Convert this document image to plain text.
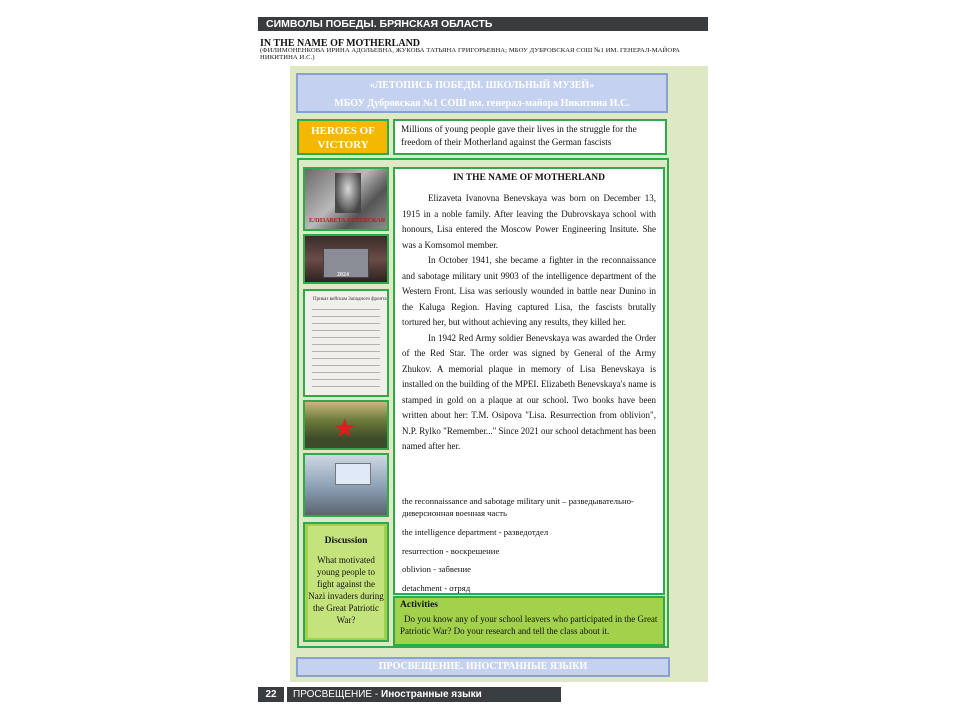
СИМВОЛЫ ПОБЕДЫ. БРЯНСКАЯ ОБЛАСТЬ
IN THE NAME OF MOTHERLAND
(ФИЛИМОНЕНКОВА ИРИНА АДОЛЬЕВНА, ЖУКОВА ТАТЬЯНА ГРИГОРЬЕВНА; МБОУ ДУБРОВСКАЯ СОШ №1 ИМ. ГЕНЕРАЛ-МАЙОРА НИКИТИНА И.С.)
«ЛЕТОПИСЬ ПОБЕДЫ. ШКОЛЬНЫЙ МУЗЕЙ»
МБОУ Дубровская №1 СОШ им. генерал-майора Никитина И.С.
HEROES OF VICTORY
Millions of young people gave their lives in the struggle for the freedom of their Motherland against the German fascists
ЕЛИЗАВЕТА БЕНЕВСКАЯ
2024
Приказ войскам Западного фронта
★
Discussion
What motivated young people to fight against the Nazi invaders during the Great Patriotic War?
IN THE NAME OF MOTHERLAND

Elizaveta Ivanovna Benevskaya was born on December 13, 1915 in a noble family. After leaving the Dubrovskaya school with honours, Lisa entered the Moscow Power Engineering Insitute. She was a Komsomol member.

In October 1941, she became a fighter in the reconnaissance and sabotage military unit 9903 of the intelligence department of the Western Front. Lisa was seriously wounded in battle near Dunino in the Kaluga Region. Having captured Lisa, the fascists brutally tortured her, but without achieving any results, they killed her.

In 1942 Red Army soldier Benevskaya was awarded the Order of the Red Star. The order was signed by General of the Army Zhukov. A memorial plaque in memory of Lisa Benevskaya is installed on the building of the MPEI. Elizabeth Benevskaya's name is stamped in gold on a plaque at our school. Two books have been written about her: T.M. Osipova "Lisa. Resurrection from oblivion", N.P. Rylko "Remember..." Since 2021 our school detachment has been named after her.

the reconnaissance and sabotage military unit – разведывательно-диверсионная военная часть
the intelligence department - разведотдел
resurrection - воскрешение
oblivion - забвение
detachment - отряд
Activities
Do you know any of your school leavers who participated in the Great Patriotic War? Do your research and tell the class about it.
ПРОСВЕЩЕНИЕ. ИНОСТРАННЫЕ ЯЗЫКИ
22	ПРОСВЕЩЕНИЕ - Иностранные языки
